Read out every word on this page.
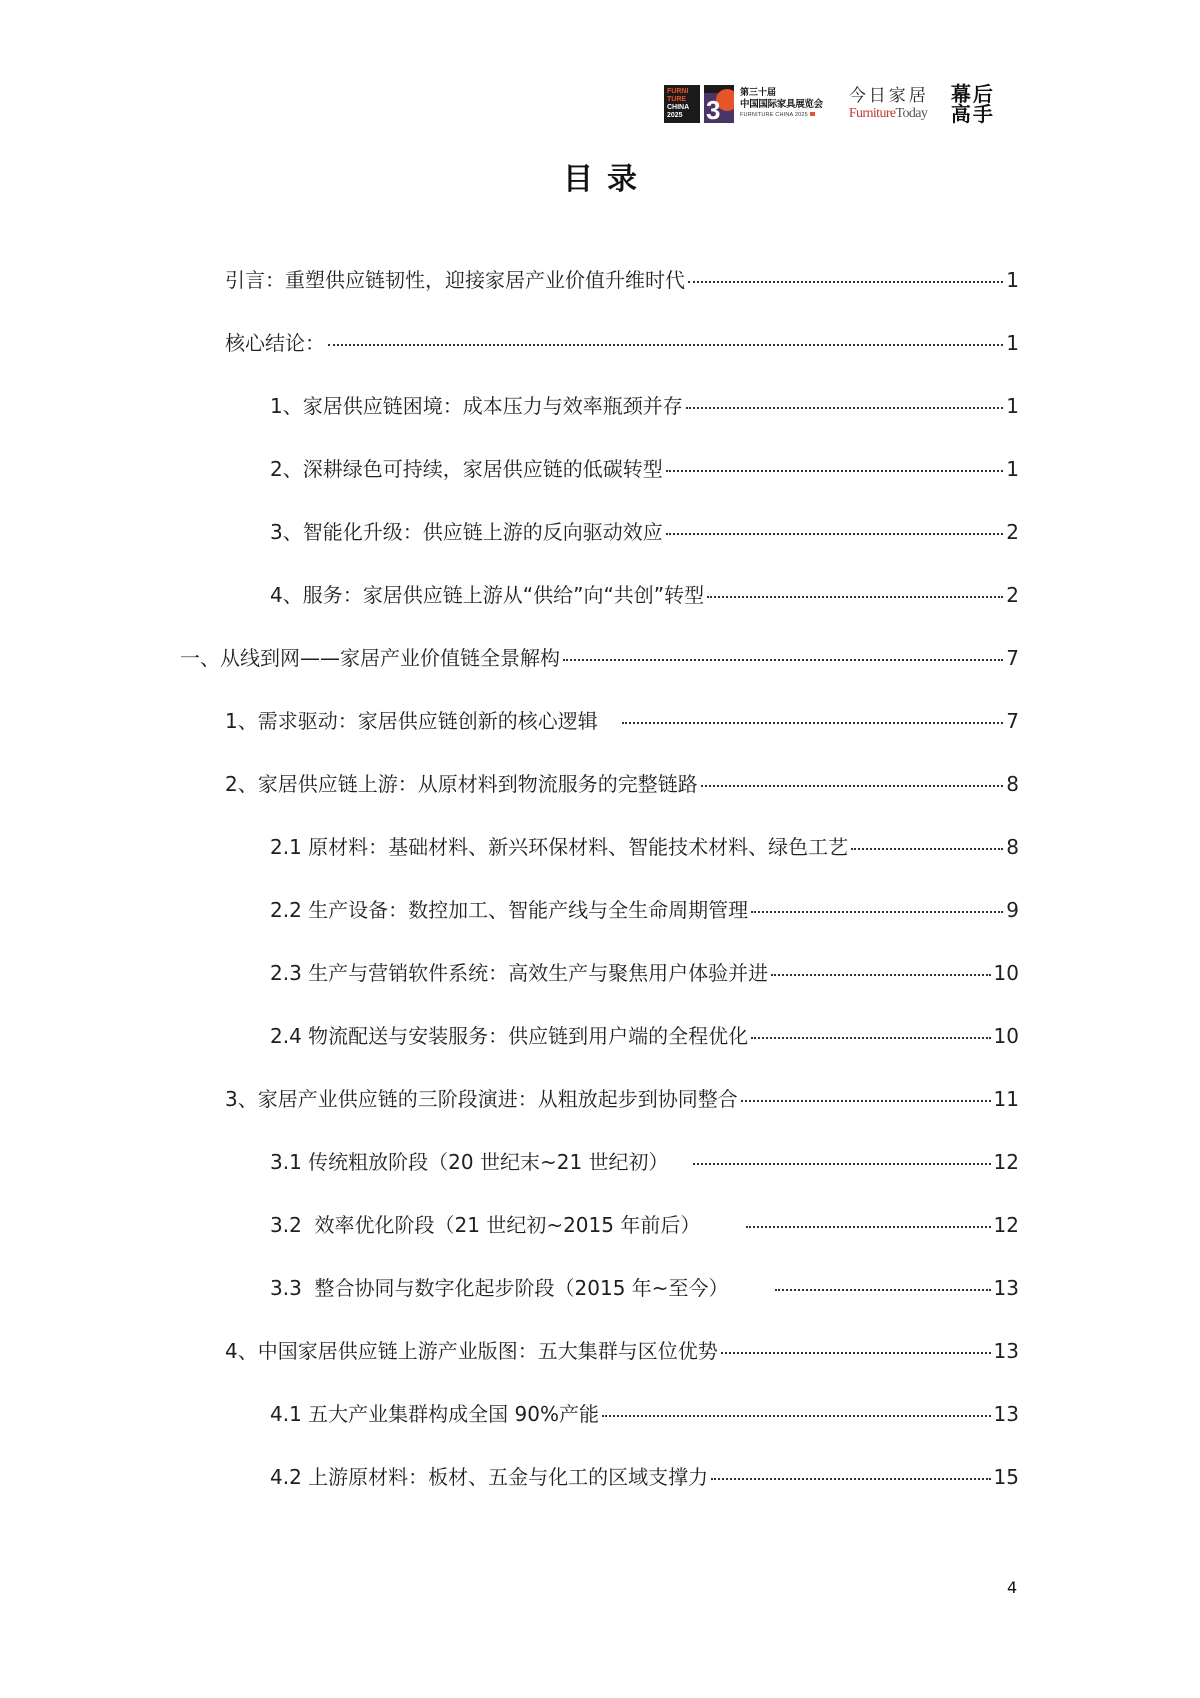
FURNI
TURE
CHINA
2025 3
第三十届
中国国际家具展览会
FURNITURE CHINA 2025
今日家居
FurnitureToday
幕 后
高 手
目录
引言：重塑供应链韧性，迎接家居产业价值升维时代	1
核心结论：	1
1、家居供应链困境：成本压力与效率瓶颈并存	1
2、深耕绿色可持续，家居供应链的低碳转型	1
3、智能化升级：供应链上游的反向驱动效应	2
4、服务：家居供应链上游从“供给”向“共创”转型	2
一、从线到网——家居产业价值链全景解构	7
1、需求驱动：家居供应链创新的核心逻辑	7
2、家居供应链上游：从原材料到物流服务的完整链路	8
2.1 原材料：基础材料、新兴环保材料、智能技术材料、绿色工艺	8
2.2 生产设备：数控加工、智能产线与全生命周期管理	9
2.3 生产与营销软件系统：高效生产与聚焦用户体验并进	10
2.4 物流配送与安装服务：供应链到用户端的全程优化	10
3、家居产业供应链的三阶段演进：从粗放起步到协同整合	11
3.1 传统粗放阶段（20 世纪末~21 世纪初）	12
3.2  效率优化阶段（21 世纪初~2015 年前后）	12
3.3  整合协同与数字化起步阶段（2015 年~至今）	13
4、中国家居供应链上游产业版图：五大集群与区位优势	13
4.1 五大产业集群构成全国 90%产能	13
4.2 上游原材料：板材、五金与化工的区域支撑力	15
4
